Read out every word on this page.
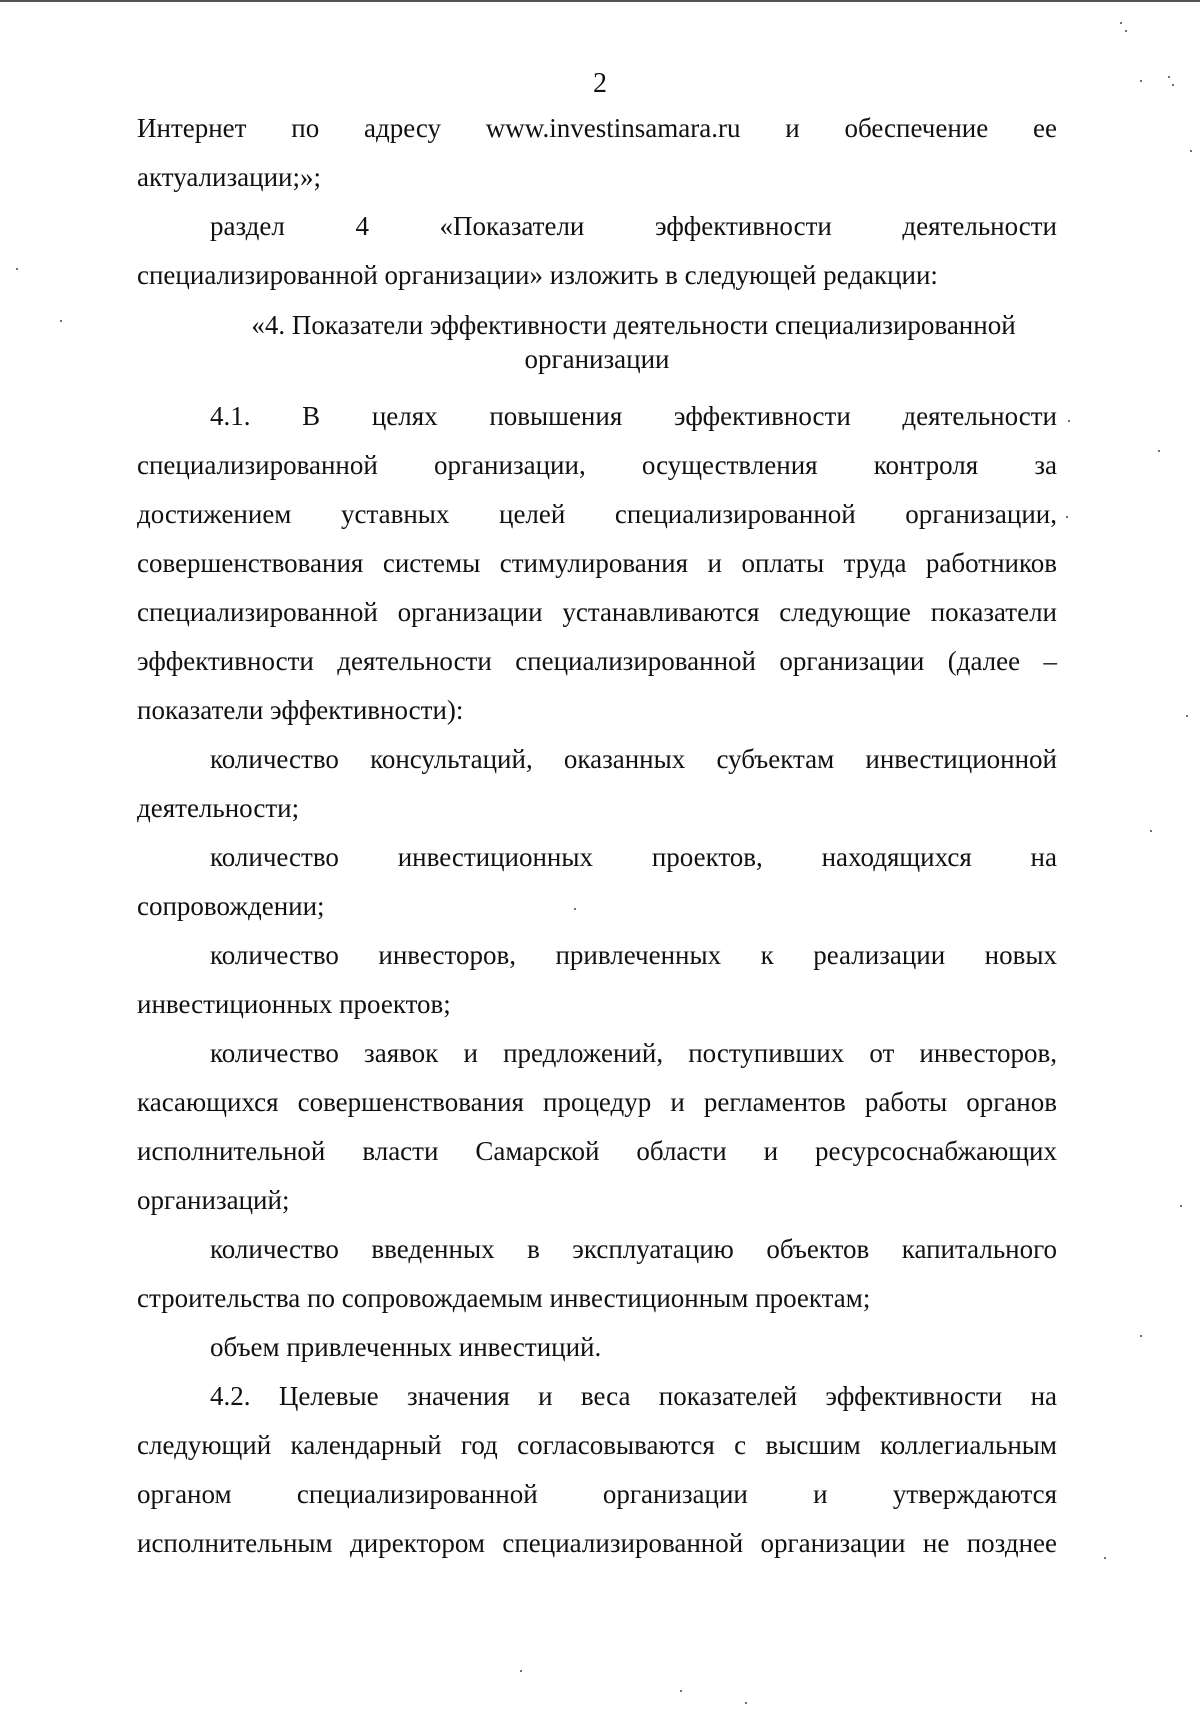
2
Интернет по адресу www.investinsamara.ru и обеспечение ее
актуализации;»;
раздел 4 «Показатели эффективности деятельности
специализированной организации» изложить в следующей редакции:
«4. Показатели эффективности деятельности специализированной
организации
4.1. В целях повышения эффективности деятельности
специализированной организации, осуществления контроля за
достижением уставных целей специализированной организации,
совершенствования системы стимулирования и оплаты труда работников
специализированной организации устанавливаются следующие показатели
эффективности деятельности специализированной организации (далее –
показатели эффективности):
количество консультаций, оказанных субъектам инвестиционной
деятельности;
количество инвестиционных проектов, находящихся на
сопровождении;
количество инвесторов, привлеченных к реализации новых
инвестиционных проектов;
количество заявок и предложений, поступивших от инвесторов,
касающихся совершенствования процедур и регламентов работы органов
исполнительной власти Самарской области и ресурсоснабжающих
организаций;
количество введенных в эксплуатацию объектов капитального
строительства по сопровождаемым инвестиционным проектам;
объем привлеченных инвестиций.
4.2. Целевые значения и веса показателей эффективности на
следующий календарный год согласовываются с высшим коллегиальным
органом специализированной организации и утверждаются
исполнительным директором специализированной организации не позднее
